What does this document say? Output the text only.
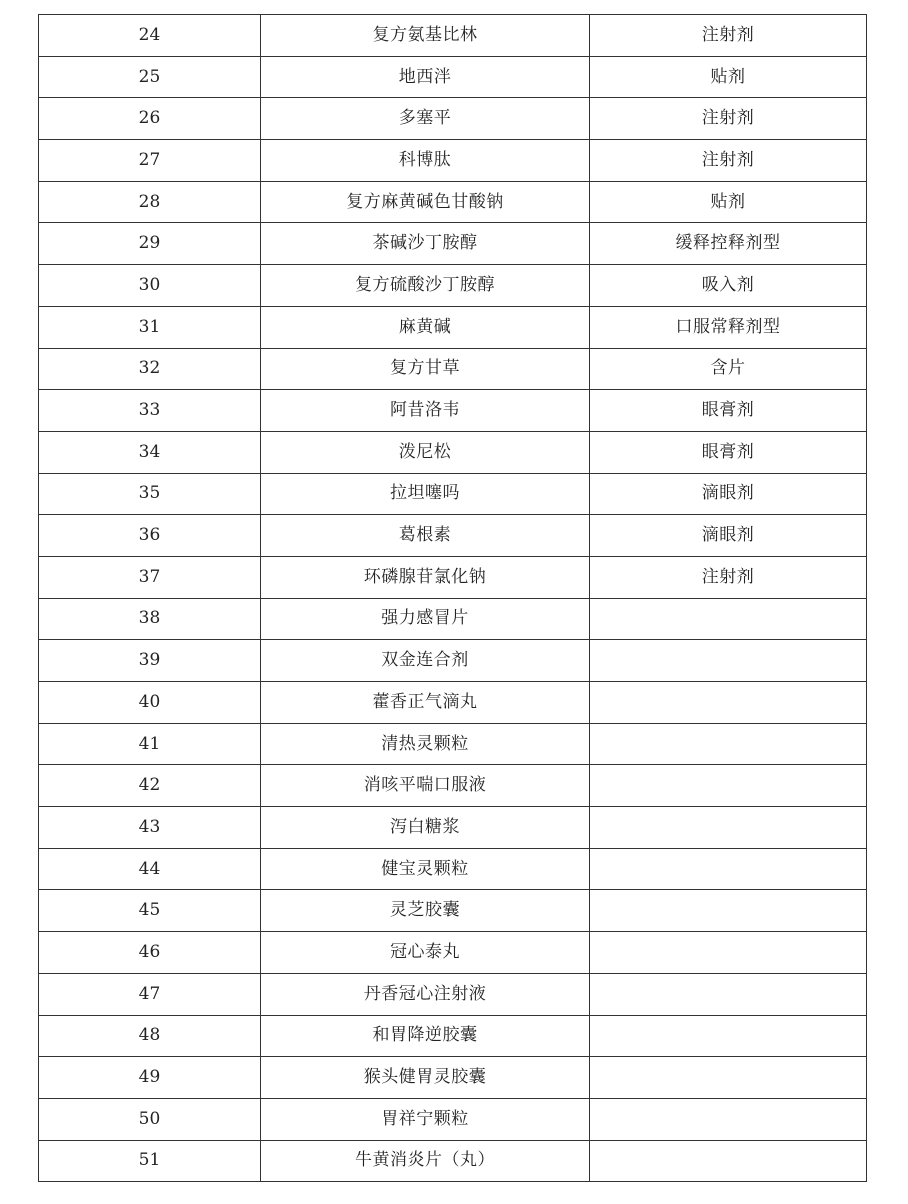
24	复方氨基比林	注射剂
25	地西泮	贴剂
26	多塞平	注射剂
27	科博肽	注射剂
28	复方麻黄碱色甘酸钠	贴剂
29	茶碱沙丁胺醇	缓释控释剂型
30	复方硫酸沙丁胺醇	吸入剂
31	麻黄碱	口服常释剂型
32	复方甘草	含片
33	阿昔洛韦	眼膏剂
34	泼尼松	眼膏剂
35	拉坦噻吗	滴眼剂
36	葛根素	滴眼剂
37	环磷腺苷氯化钠	注射剂
38	强力感冒片	
39	双金连合剂	
40	藿香正气滴丸	
41	清热灵颗粒	
42	消咳平喘口服液	
43	泻白糖浆	
44	健宝灵颗粒	
45	灵芝胶囊	
46	冠心泰丸	
47	丹香冠心注射液	
48	和胃降逆胶囊	
49	猴头健胃灵胶囊	
50	胃祥宁颗粒	
51	牛黄消炎片（丸）	
